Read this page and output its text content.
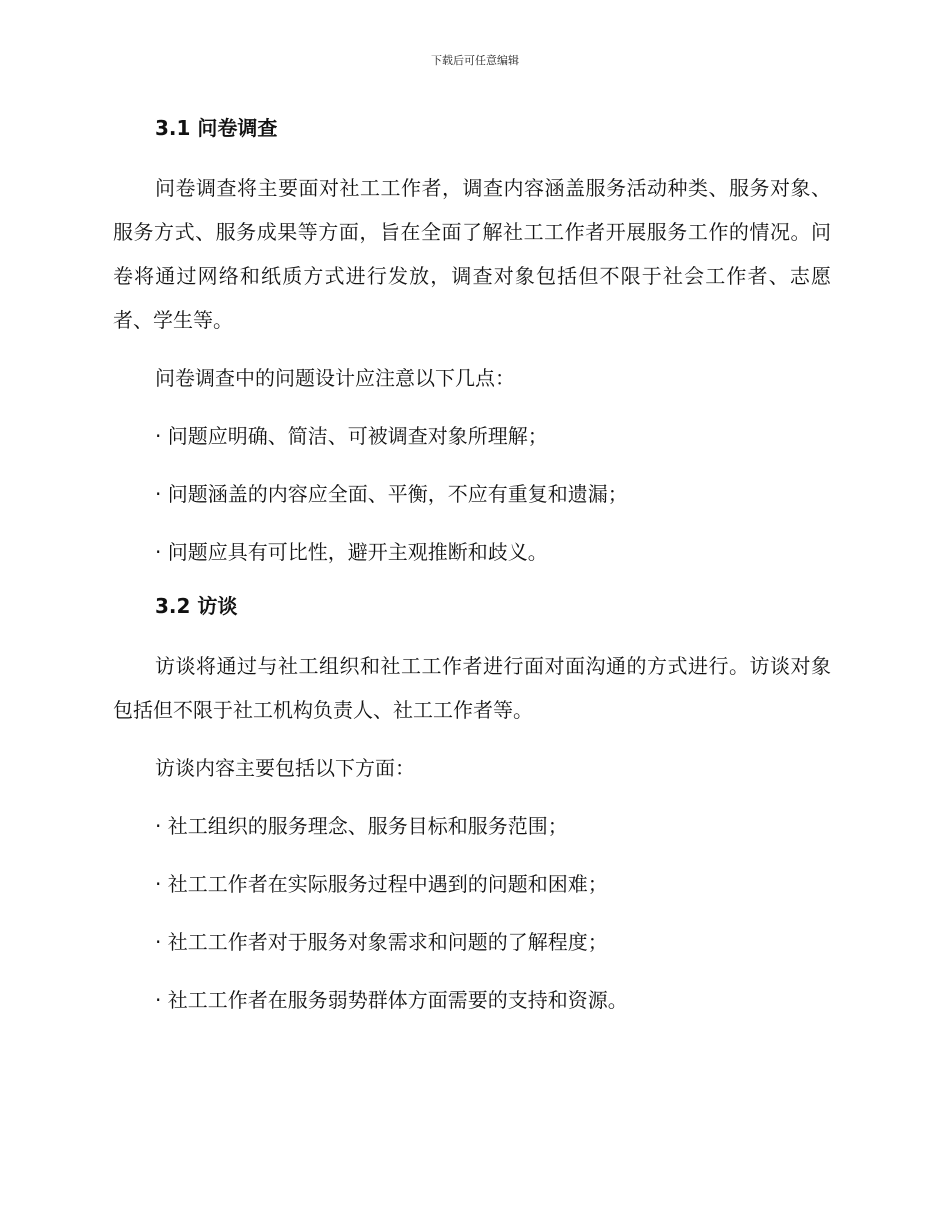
下载后可任意编辑
3.1 问卷调查

问卷调查将主要面对社工工作者，调查内容涵盖服务活动种类、服务对象、服务方式、服务成果等方面，旨在全面了解社工工作者开展服务工作的情况。问卷将通过网络和纸质方式进行发放，调查对象包括但不限于社会工作者、志愿者、学生等。

问卷调查中的问题设计应注意以下几点：

· 问题应明确、简洁、可被调查对象所理解；

· 问题涵盖的内容应全面、平衡，不应有重复和遗漏；

· 问题应具有可比性，避开主观推断和歧义。

3.2 访谈

访谈将通过与社工组织和社工工作者进行面对面沟通的方式进行。访谈对象包括但不限于社工机构负责人、社工工作者等。

访谈内容主要包括以下方面：

· 社工组织的服务理念、服务目标和服务范围；

· 社工工作者在实际服务过程中遇到的问题和困难；

· 社工工作者对于服务对象需求和问题的了解程度；

· 社工工作者在服务弱势群体方面需要的支持和资源。
